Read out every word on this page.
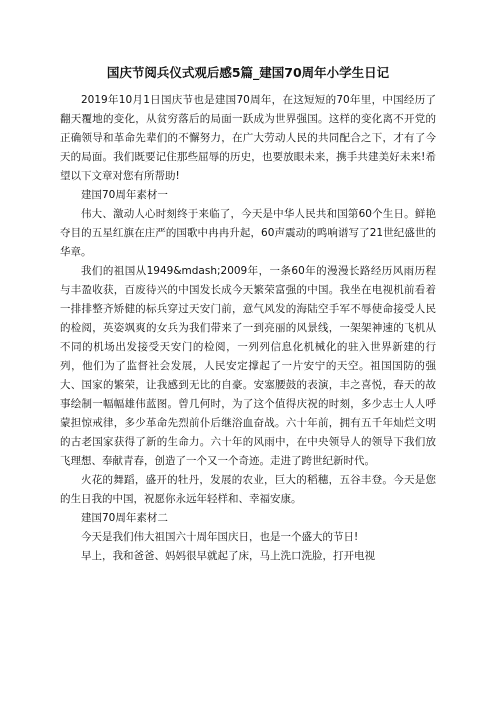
国庆节阅兵仪式观后感5篇_建国70周年小学生日记

2019年10月1日国庆节也是建国70周年，在这短短的70年里，中国经历了翻天覆地的变化，从贫穷落后的局面一跃成为世界强国。这样的变化离不开党的正确领导和革命先辈们的不懈努力，在广大劳动人民的共同配合之下，才有了今天的局面。我们既要记住那些屈辱的历史，也要放眼未来，携手共建美好未来!希望以下文章对您有所帮助!

建国70周年素材一

伟大、激动人心时刻终于来临了，今天是中华人民共和国第60个生日。鲜艳夺目的五星红旗在庄严的国歌中冉冉升起，60声震动的鸣响谱写了21世纪盛世的华章。

我们的祖国从1949&mdash;2009年，一条60年的漫漫长路经历风雨历程与丰盈收获，百废待兴的中国发长成今天繁荣富强的中国。我坐在电视机前看着一排排整齐矫健的标兵穿过天安门前，意气风发的海陆空手军不辱使命接受人民的检阅，英姿飒爽的女兵为我们带来了一到亮丽的风景线，一架架神速的飞机从不同的机场出发接受天安门的检阅，一列列信息化机械化的驻入世界新建的行列，他们为了监督社会发展，人民安定撑起了一片安宁的天空。祖国国防的强大、国家的繁荣，让我感到无比的自豪。安塞腰鼓的表演，丰之喜悦，春天的故事绘制一幅幅雄伟蓝图。曾几何时，为了这个值得庆祝的时刻，多少志士人人呼蒙担惊戒律，多少革命先烈前仆后继浴血奋战。六十年前，拥有五千年灿烂文明的古老国家获得了新的生命力。六十年的风雨中，在中央领导人的领导下我们放飞理想、奉献青春，创造了一个又一个奇迹。走进了跨世纪新时代。

火花的舞蹈，盛开的牡丹，发展的农业，巨大的稻穗，五谷丰登。今天是您的生日我的中国，祝愿你永远年轻样和、幸福安康。

建国70周年素材二

今天是我们伟大祖国六十周年国庆日，也是一个盛大的节日!

早上，我和爸爸、妈妈很早就起了床，马上洗口洗脸，打开电视
